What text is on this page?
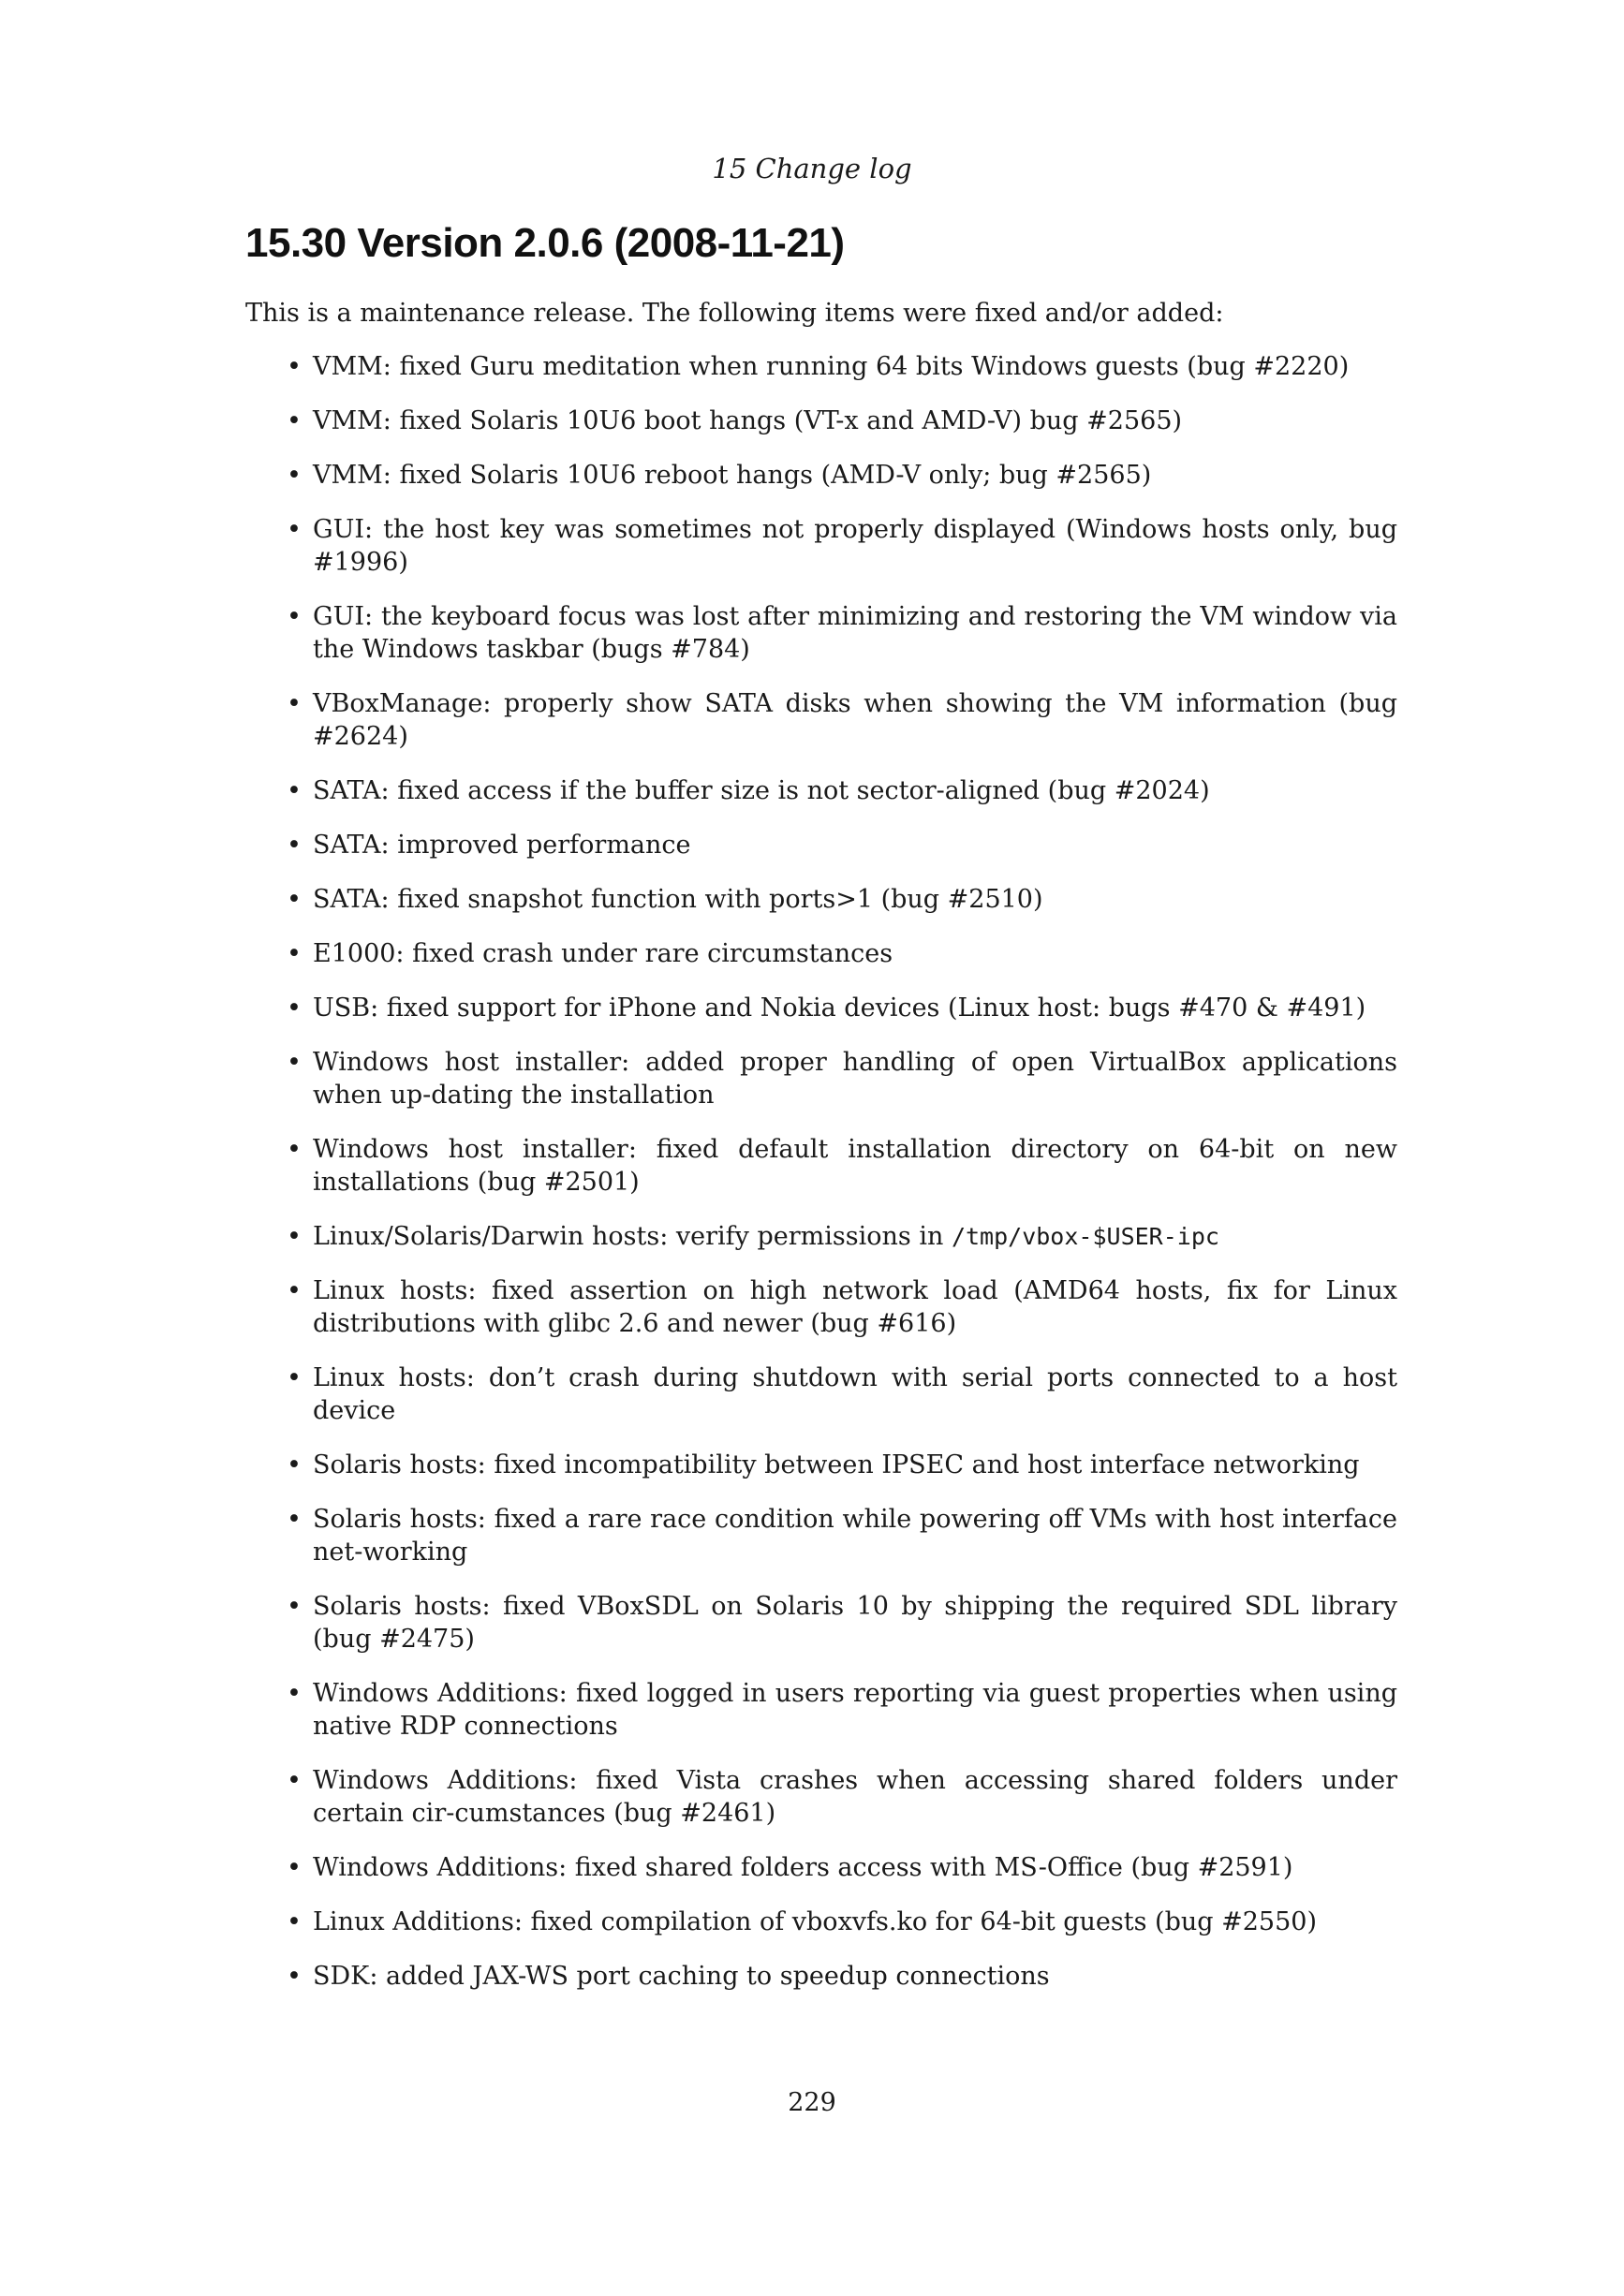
15 Change log
15.30 Version 2.0.6 (2008-11-21)

This is a maintenance release. The following items were fixed and/or added:

• VMM: fixed Guru meditation when running 64 bits Windows guests (bug #2220)
• VMM: fixed Solaris 10U6 boot hangs (VT-x and AMD-V) bug #2565)
• VMM: fixed Solaris 10U6 reboot hangs (AMD-V only; bug #2565)
• GUI: the host key was sometimes not properly displayed (Windows hosts only, bug #1996)
• GUI: the keyboard focus was lost after minimizing and restoring the VM window via the Windows taskbar (bugs #784)
• VBoxManage: properly show SATA disks when showing the VM information (bug #2624)
• SATA: fixed access if the buffer size is not sector-aligned (bug #2024)
• SATA: improved performance
• SATA: fixed snapshot function with ports>1 (bug #2510)
• E1000: fixed crash under rare circumstances
• USB: fixed support for iPhone and Nokia devices (Linux host: bugs #470 & #491)
• Windows host installer: added proper handling of open VirtualBox applications when up-dating the installation
• Windows host installer: fixed default installation directory on 64-bit on new installations (bug #2501)
• Linux/Solaris/Darwin hosts: verify permissions in /tmp/vbox-$USER-ipc
• Linux hosts: fixed assertion on high network load (AMD64 hosts, fix for Linux distributions with glibc 2.6 and newer (bug #616)
• Linux hosts: don’t crash during shutdown with serial ports connected to a host device
• Solaris hosts: fixed incompatibility between IPSEC and host interface networking
• Solaris hosts: fixed a rare race condition while powering off VMs with host interface net-working
• Solaris hosts: fixed VBoxSDL on Solaris 10 by shipping the required SDL library (bug #2475)
• Windows Additions: fixed logged in users reporting via guest properties when using native RDP connections
• Windows Additions: fixed Vista crashes when accessing shared folders under certain cir-cumstances (bug #2461)
• Windows Additions: fixed shared folders access with MS-Office (bug #2591)
• Linux Additions: fixed compilation of vboxvfs.ko for 64-bit guests (bug #2550)
• SDK: added JAX-WS port caching to speedup connections
229
